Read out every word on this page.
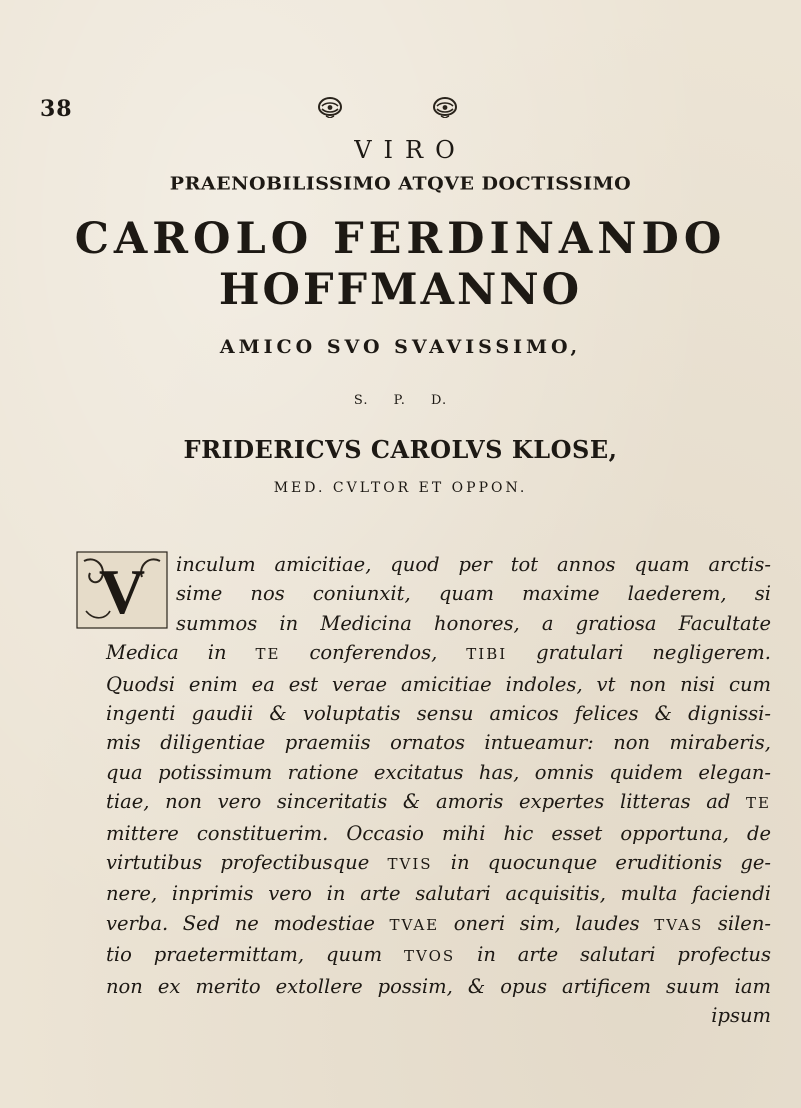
38
VIRO
PRAENOBILISSIMO ATQVE DOCTISSIMO
CAROLO FERDINANDO
HOFFMANNO
AMICO SVO SVAVISSIMO,
S. P. D.
FRIDERICVS CAROLVS KLOSE,
MED. CVLTOR ET OPPON.
V	inculum amicitiae, quod per tot annos quam arctis-
sime nos coniunxit, quam maxime laederem, si
summos in Medicina honores, a gratiosa Facultate
Medica in TE conferendos, TIBI gratulari negligerem.
Quodsi enim ea est verae amicitiae indoles, vt non nisi cum
ingenti gaudii & voluptatis sensu amicos felices & dignissi-
mis diligentiae praemiis ornatos intueamur: non miraberis,
qua potissimum ratione excitatus has, omnis quidem elegan-
tiae, non vero sinceritatis & amoris expertes litteras ad TE
mittere constituerim. Occasio mihi hic esset opportuna, de
virtutibus profectibusque TVIS in quocunque eruditionis ge-
nere, inprimis vero in arte salutari acquisitis, multa faciendi
verba. Sed ne modestiae TVAE oneri sim, laudes TVAS silen-
tio praetermittam, quum TVOS in arte salutari profectus
non ex merito extollere possim, & opus artificem suum iam
ipsum
